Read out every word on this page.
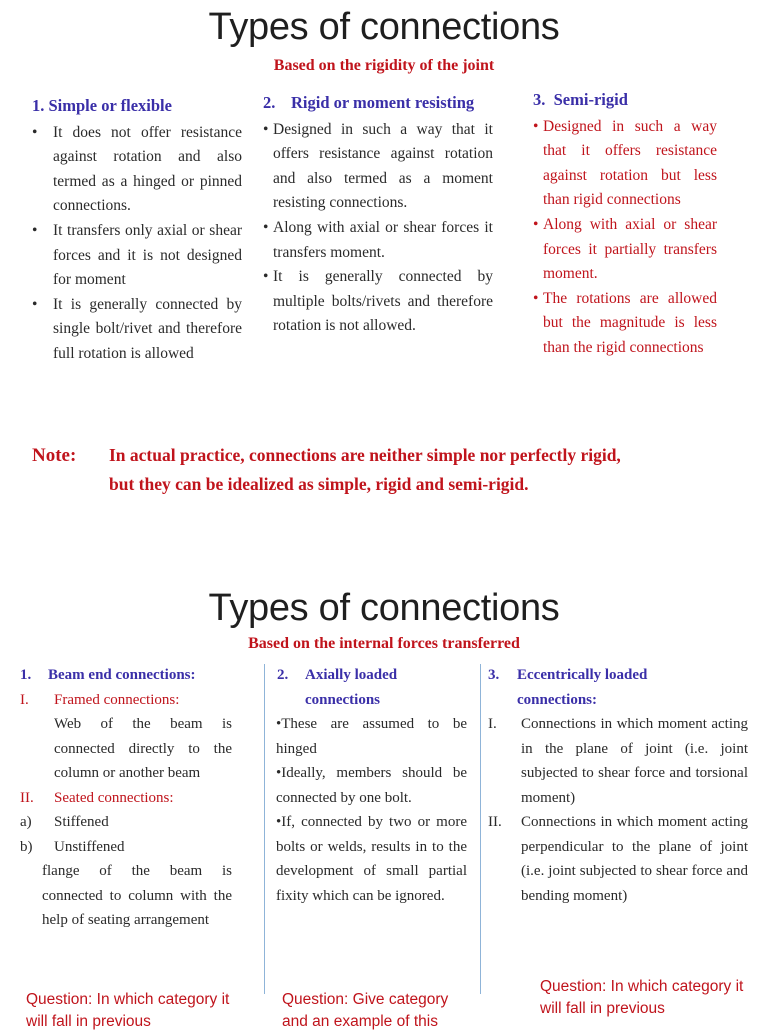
Types of connections
Based on the rigidity of the joint
1. Simple or flexible
• It does not offer resistance against rotation and also termed as a hinged or pinned connections.
• It transfers only axial or shear forces and it is not designed for moment
• It is generally connected by single bolt/rivet and therefore full rotation is allowed
2. Rigid or moment resisting
• Designed in such a way that it offers resistance against rotation and also termed as a moment resisting connections.
• Along with axial or shear forces it transfers moment.
• It is generally connected by multiple bolts/rivets and therefore rotation is not allowed.
3. Semi-rigid
• Designed in such a way that it offers resistance against rotation but less than rigid connections
• Along with axial or shear forces it partially transfers moment.
• The rotations are allowed but the magnitude is less than the rigid connections
Note: In actual practice, connections are neither simple nor perfectly rigid,
but they can be idealized as simple, rigid and semi-rigid.
Types of connections
Based on the internal forces transferred
1. Beam end connections:
I. Framed connections:
Web of the beam is connected directly to the column or another beam
II. Seated connections:
a) Stiffened
b) Unstiffened
flange of the beam is connected to column with the help of seating arrangement
2. Axially loaded
connections
•These are assumed to be hinged
•Ideally, members should be connected by one bolt.
•If, connected by two or more bolts or welds, results in to the development of small partial fixity which can be ignored.
3. Eccentrically loaded
connections:
I. Connections in which moment acting in the plane of joint (i.e. joint subjected to shear force and torsional moment)
II. Connections in which moment acting perpendicular to the plane of joint (i.e. joint subjected to shear force and bending moment)
Question: In which category it will fall in previous
Question: Give category and an example of this
Question: In which category it will fall in previous
